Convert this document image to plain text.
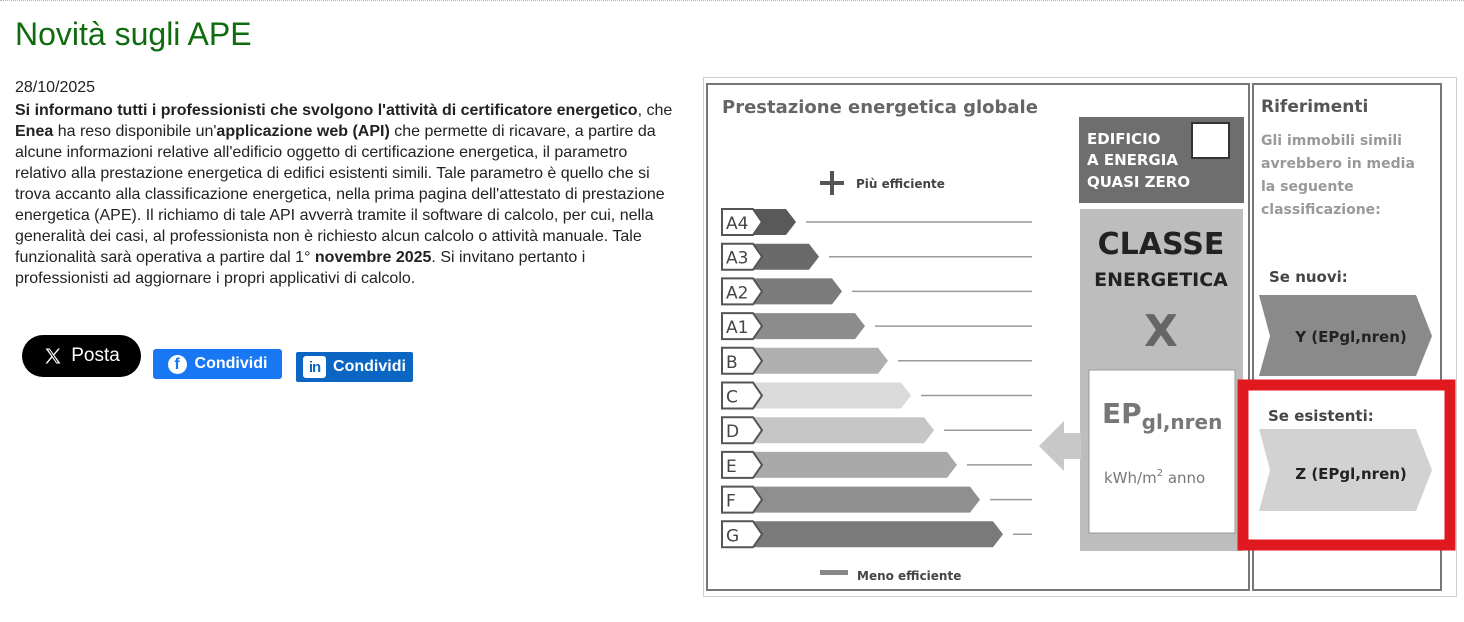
Novità sugli APE
28/10/2025

Si informano tutti i professionisti che svolgono l'attività di certificatore energetico, che Enea ha reso disponibile un'applicazione web (API) che permette di ricavare, a partire da alcune informazioni relative all'edificio oggetto di certificazione energetica, il parametro relativo alla prestazione energetica di edifici esistenti simili. Tale parametro è quello che si trova accanto alla classificazione energetica, nella prima pagina dell'attestato di prestazione energetica (APE). Il richiamo di tale API avverrà tramite il software di calcolo, per cui, nella generalità dei casi, al professionista non è richiesto alcun calcolo o attività manuale. Tale funzionalità sarà operativa a partire dal 1° novembre 2025. Si invitano pertanto i professionisti ad aggiornare i propri applicativi di calcolo.

Posta	f Condividi	in Condividi
Prestazione energetica globale
Più efficiente
A4
A3
A2
A1
B
C
D
E
F
G
Meno efficiente
EDIFICIO
A ENERGIA
QUASI ZERO
CLASSE
ENERGETICA
X
$EP_{gl,nren}$
kWh/$m^2$ anno
Riferimenti
Gli immobili simili
avrebbero in media
la seguente
classificazione:
Se nuovi:
Y (EPgl,nren)
Se esistenti:
Z (EPgl,nren)
